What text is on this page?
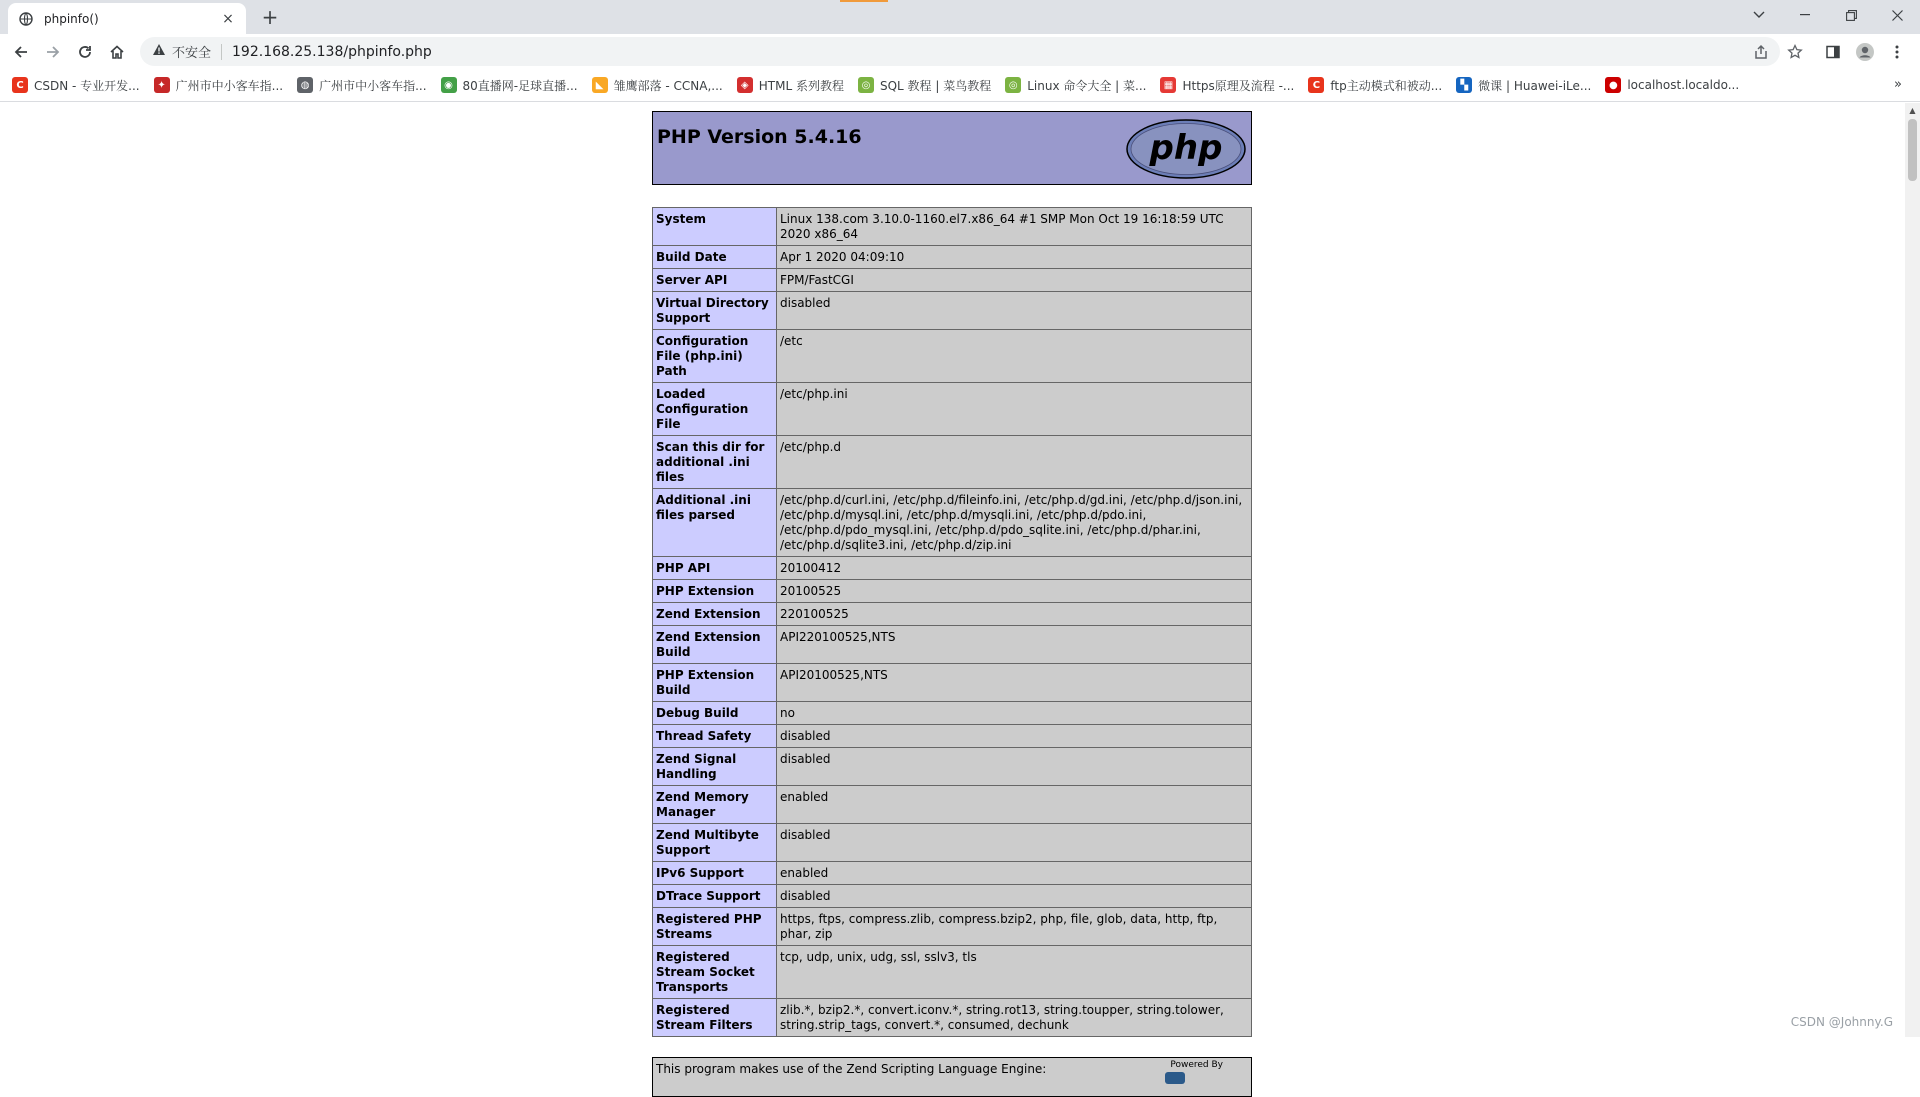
phpinfo()	× +
不安全	192.168.25.138/phpinfo.php
C CSDN - 专业开发...	✦ 广州市中小客车指...	◍ 广州市中小客车指...	◉ 80直播网-足球直播...	◣ 雏鹰部落 - CCNA,...	◈ HTML 系列教程	◎ SQL 教程 | 菜鸟教程	◎ Linux 命令大全 | 菜...	▦ Https原理及流程 -...	C ftp主动模式和被动...	▚ 微课 | Huawei-iLe...	● localhost.localdo...	»
PHP Version 5.4.16	php
System	Linux 138.com 3.10.0-1160.el7.x86_64 #1 SMP Mon Oct 19 16:18:59 UTC 2020 x86_64
Build Date	Apr 1 2020 04:09:10
Server API	FPM/FastCGI
Virtual Directory Support	disabled
Configuration File (php.ini) Path	/etc
Loaded Configuration File	/etc/php.ini
Scan this dir for additional .ini files	/etc/php.d
Additional .ini files parsed	/etc/php.d/curl.ini, /etc/php.d/fileinfo.ini, /etc/php.d/gd.ini, /etc/php.d/json.ini, /etc/php.d/mysql.ini, /etc/php.d/mysqli.ini, /etc/php.d/pdo.ini, /etc/php.d/pdo_mysql.ini, /etc/php.d/pdo_sqlite.ini, /etc/php.d/phar.ini, /etc/php.d/sqlite3.ini, /etc/php.d/zip.ini
PHP API	20100412
PHP Extension	20100525
Zend Extension	220100525
Zend Extension Build	API220100525,NTS
PHP Extension Build	API20100525,NTS
Debug Build	no
Thread Safety	disabled
Zend Signal Handling	disabled
Zend Memory Manager	enabled
Zend Multibyte Support	disabled
IPv6 Support	enabled
DTrace Support	disabled
Registered PHP Streams	https, ftps, compress.zlib, compress.bzip2, php, file, glob, data, http, ftp, phar, zip
Registered Stream Socket Transports	tcp, udp, unix, udg, ssl, sslv3, tls
Registered Stream Filters	zlib.*, bzip2.*, convert.iconv.*, string.rot13, string.toupper, string.tolower, string.strip_tags, convert.*, consumed, dechunk
This program makes use of the Zend Scripting Language Engine:	Powered By
CSDN @Johnny.G
▲
